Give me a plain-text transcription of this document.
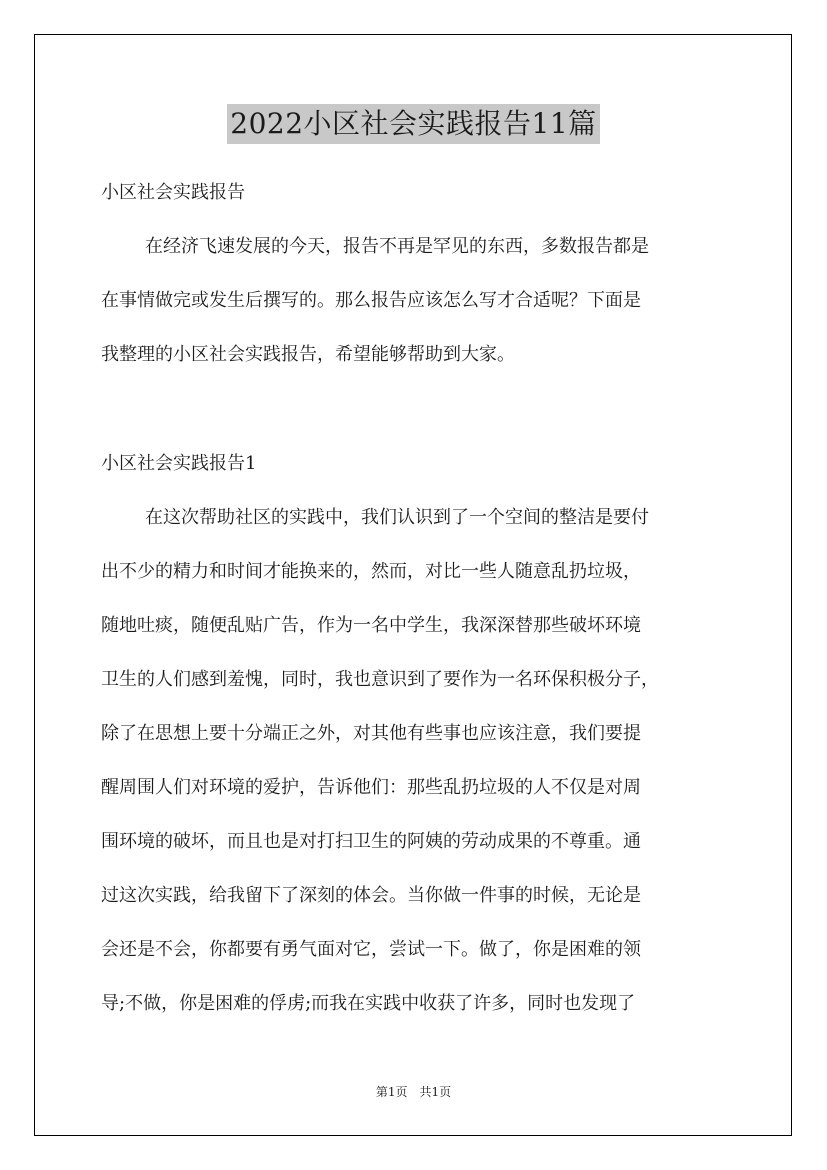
2022小区社会实践报告11篇

小区社会实践报告

在经济飞速发展的今天，报告不再是罕见的东西，多数报告都是
在事情做完或发生后撰写的。那么报告应该怎么写才合适呢？下面是
我整理的小区社会实践报告，希望能够帮助到大家。

小区社会实践报告1

在这次帮助社区的实践中，我们认识到了一个空间的整洁是要付
出不少的精力和时间才能换来的，然而，对比一些人随意乱扔垃圾，
随地吐痰，随便乱贴广告，作为一名中学生，我深深替那些破坏环境
卫生的人们感到羞愧，同时，我也意识到了要作为一名环保积极分子，
除了在思想上要十分端正之外，对其他有些事也应该注意，我们要提
醒周围人们对环境的爱护，告诉他们：那些乱扔垃圾的人不仅是对周
围环境的破坏，而且也是对打扫卫生的阿姨的劳动成果的不尊重。通
过这次实践，给我留下了深刻的体会。当你做一件事的时候，无论是
会还是不会，你都要有勇气面对它，尝试一下。做了，你是困难的领
导;不做，你是困难的俘虏;而我在实践中收获了许多，同时也发现了
第1页　共1页
